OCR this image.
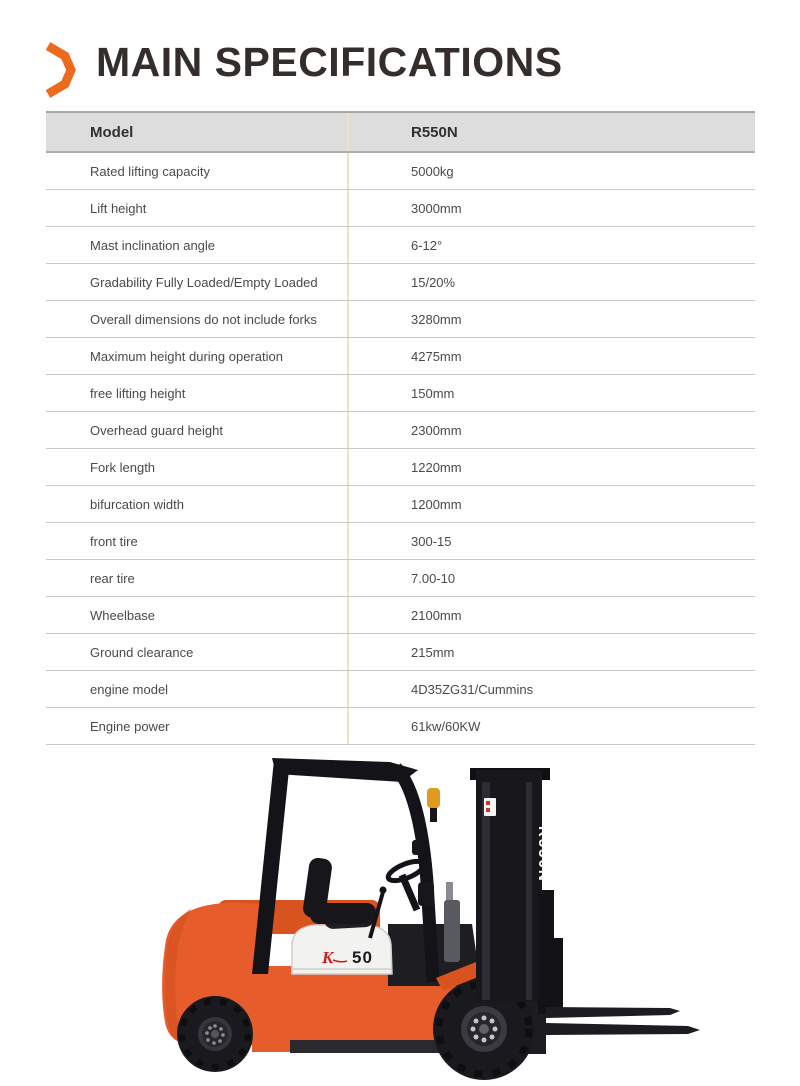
MAIN SPECIFICATIONS
Model	R550N
Rated lifting capacity	5000kg
Lift height	3000mm
Mast inclination angle	6-12°
Gradability Fully Loaded/Empty Loaded	15/20%
Overall dimensions do not include forks	3280mm
Maximum height during operation	4275mm
free lifting height	150mm
Overhead guard height	2300mm
Fork length	1220mm
bifurcation width	1200mm
front tire	300-15
rear tire	7.00-10
Wheelbase	2100mm
Ground clearance	215mm
engine model	4D35ZG31/Cummins
Engine power	61kw/60KW
K 50
R550N
